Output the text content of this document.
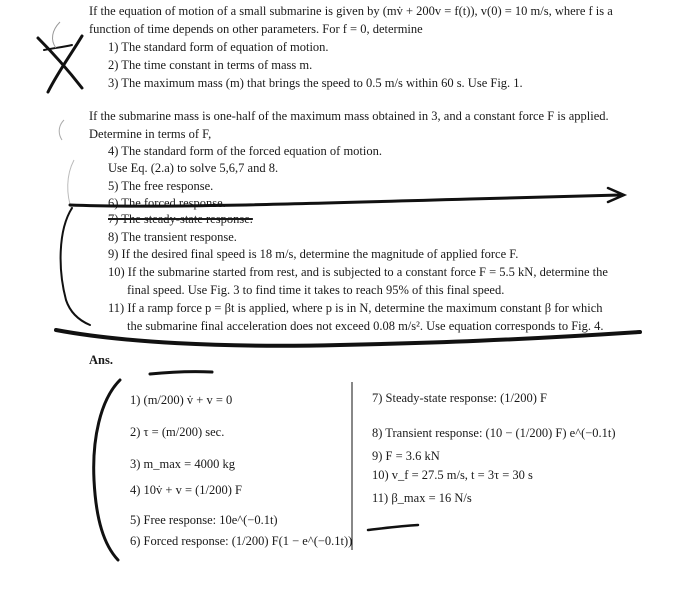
If the equation of motion of a small submarine is given by (mv̇ + 200v = f(t)), v(0) = 10 m/s, where f is a
function of time depends on other parameters. For f = 0, determine
1) The standard form of equation of motion.
2) The time constant in terms of mass m.
3) The maximum mass (m) that brings the speed to 0.5 m/s within 60 s. Use Fig. 1.
If the submarine mass is one-half of the maximum mass obtained in 3, and a constant force F is applied.
Determine in terms of F,
4) The standard form of the forced equation of motion.
Use Eq. (2.a) to solve 5,6,7 and 8.
5) The free response.
6) The forced response.
7) The steady-state response.
8) The transient response.
9) If the desired final speed is 18 m/s, determine the magnitude of applied force F.
10) If the submarine started from rest, and is subjected to a constant force F = 5.5 kN, determine the
final speed. Use Fig. 3 to find time it takes to reach 95% of this final speed.
11) If a ramp force p = βt is applied, where p is in N, determine the maximum constant β for which
the submarine final acceleration does not exceed 0.08 m/s². Use equation corresponds to Fig. 4.
Ans.
1) (m/200) v̇ + v = 0
2) τ = (m/200) sec.
3) m_max = 4000 kg
4) 10v̇ + v = (1/200) F
5) Free response: 10e^(−0.1t)
6) Forced response: (1/200) F(1 − e^(−0.1t))
7) Steady-state response: (1/200) F
8) Transient response: (10 − (1/200) F) e^(−0.1t)
9) F = 3.6 kN
10) v_f = 27.5 m/s, t = 3τ = 30 s
11) β_max = 16 N/s
